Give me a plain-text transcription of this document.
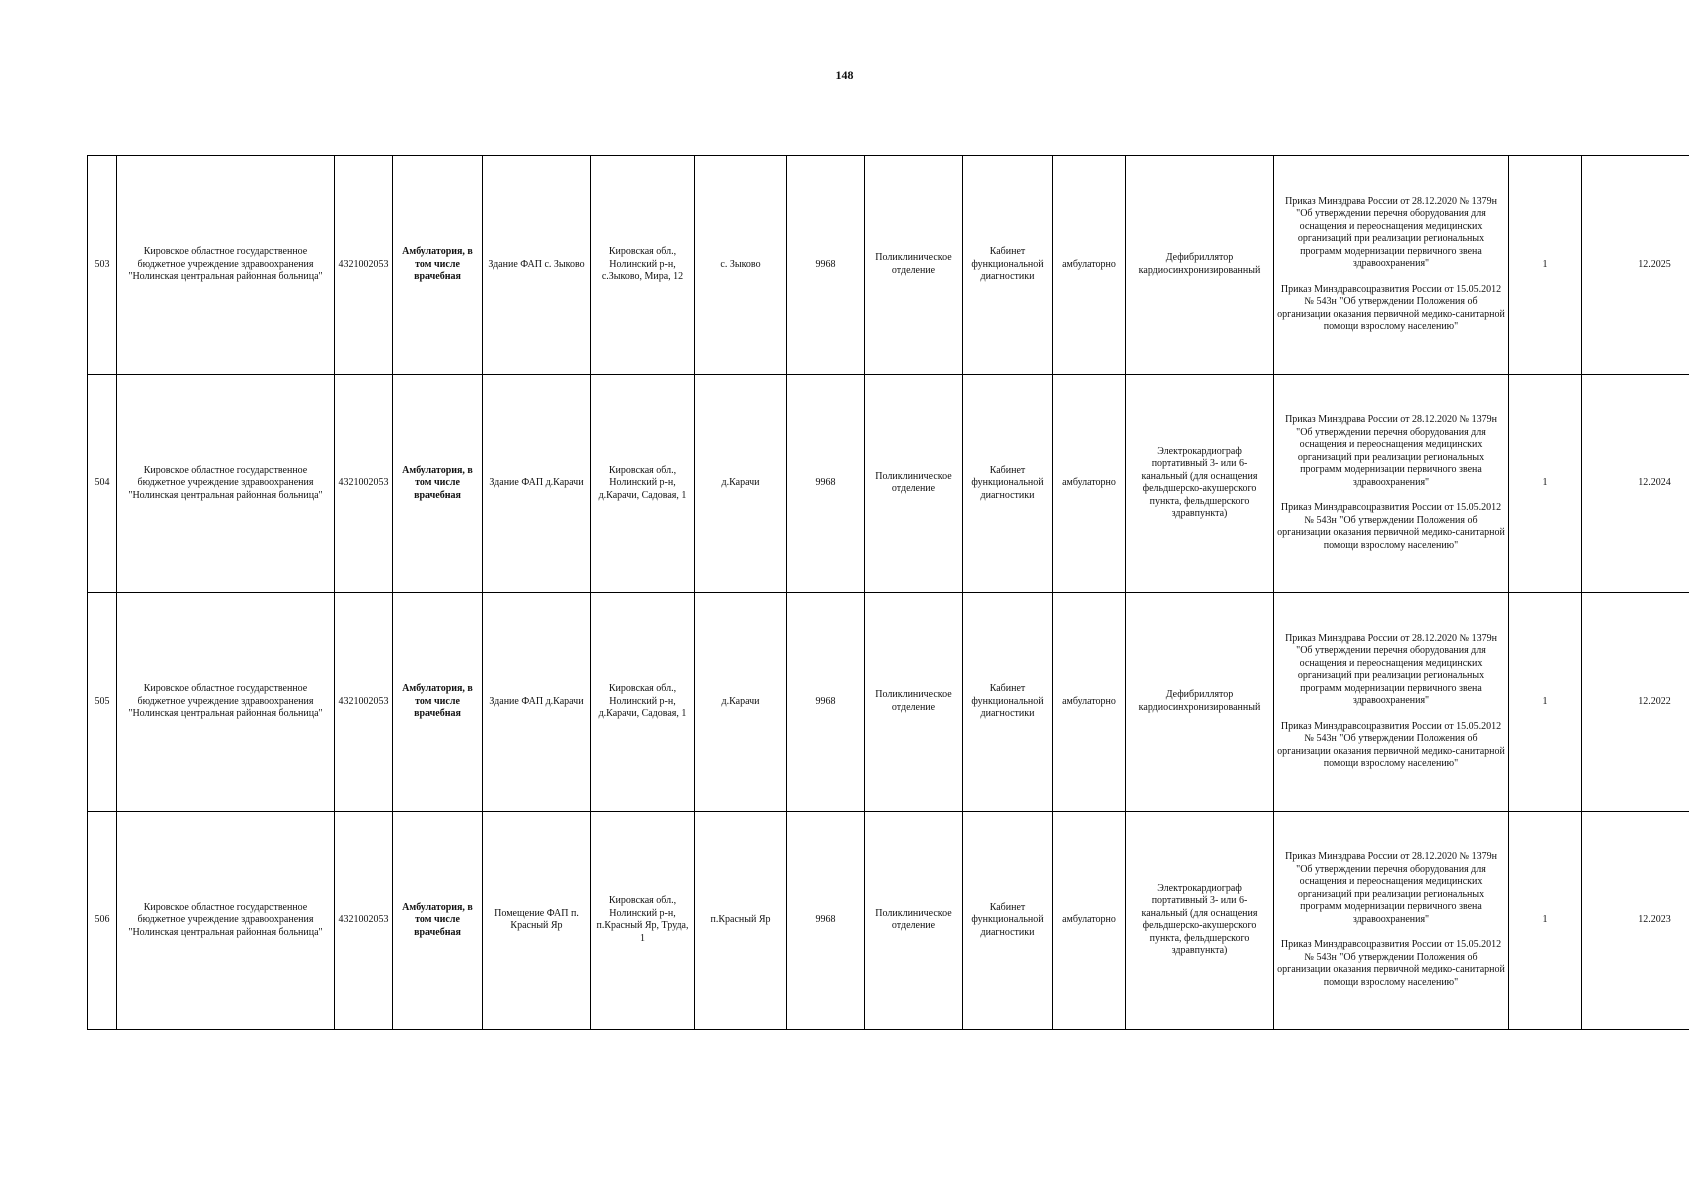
148
503	Кировское областное государственное бюджетное учреждение здравоохранения "Нолинская центральная районная больница"	4321002053	Амбулатория, в том числе врачебная	Здание ФАП с. Зыково	Кировская обл., Нолинский р-н, с.Зыково, Мира, 12	с. Зыково	9968	Поликлиническое отделение	Кабинет функциональной диагностики	амбулаторно	Дефибриллятор кардиосинхронизированный	Приказ Минздрава России от 28.12.2020 № 1379н "Об утверждении перечня оборудования для оснащения и переоснащения медицинских организаций при реализации региональных программ модернизации первичного звена здравоохранения"
Приказ Минздравсоцразвития России от 15.05.2012 № 543н "Об утверждении Положения об организации оказания первичной медико-санитарной помощи взрослому населению"	1	12.2025
504	Кировское областное государственное бюджетное учреждение здравоохранения "Нолинская центральная районная больница"	4321002053	Амбулатория, в том числе врачебная	Здание ФАП д.Карачи	Кировская обл., Нолинский р-н, д.Карачи, Садовая, 1	д.Карачи	9968	Поликлиническое отделение	Кабинет функциональной диагностики	амбулаторно	Электрокардиограф портативный 3- или 6-канальный (для оснащения фельдшерско-акушерского пункта, фельдшерского здравпункта)	Приказ Минздрава России от 28.12.2020 № 1379н "Об утверждении перечня оборудования для оснащения и переоснащения медицинских организаций при реализации региональных программ модернизации первичного звена здравоохранения"
Приказ Минздравсоцразвития России от 15.05.2012 № 543н "Об утверждении Положения об организации оказания первичной медико-санитарной помощи взрослому населению"	1	12.2024
505	Кировское областное государственное бюджетное учреждение здравоохранения "Нолинская центральная районная больница"	4321002053	Амбулатория, в том числе врачебная	Здание ФАП д.Карачи	Кировская обл., Нолинский р-н, д.Карачи, Садовая, 1	д.Карачи	9968	Поликлиническое отделение	Кабинет функциональной диагностики	амбулаторно	Дефибриллятор кардиосинхронизированный	Приказ Минздрава России от 28.12.2020 № 1379н "Об утверждении перечня оборудования для оснащения и переоснащения медицинских организаций при реализации региональных программ модернизации первичного звена здравоохранения"
Приказ Минздравсоцразвития России от 15.05.2012 № 543н "Об утверждении Положения об организации оказания первичной медико-санитарной помощи взрослому населению"	1	12.2022
506	Кировское областное государственное бюджетное учреждение здравоохранения "Нолинская центральная районная больница"	4321002053	Амбулатория, в том числе врачебная	Помещение ФАП п. Красный Яр	Кировская обл., Нолинский р-н, п.Красный Яр, Труда, 1	п.Красный Яр	9968	Поликлиническое отделение	Кабинет функциональной диагностики	амбулаторно	Электрокардиограф портативный 3- или 6-канальный (для оснащения фельдшерско-акушерского пункта, фельдшерского здравпункта)	Приказ Минздрава России от 28.12.2020 № 1379н "Об утверждении перечня оборудования для оснащения и переоснащения медицинских организаций при реализации региональных программ модернизации первичного звена здравоохранения"
Приказ Минздравсоцразвития России от 15.05.2012 № 543н "Об утверждении Положения об организации оказания первичной медико-санитарной помощи взрослому населению"	1	12.2023
